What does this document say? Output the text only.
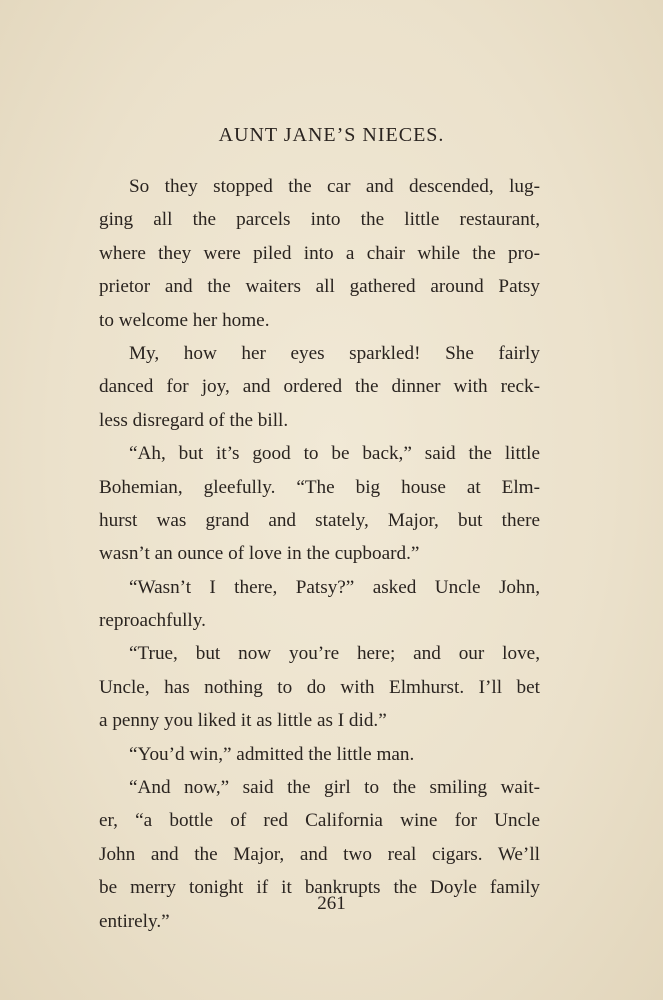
AUNT JANE’S NIECES.
So they stopped the car and descended, lug-
ging all the parcels into the little restaurant,
where they were piled into a chair while the pro-
prietor and the waiters all gathered around Patsy
to welcome her home.
My, how her eyes sparkled! She fairly
danced for joy, and ordered the dinner with reck-
less disregard of the bill.
“Ah, but it’s good to be back,” said the little
Bohemian, gleefully. “The big house at Elm-
hurst was grand and stately, Major, but there
wasn’t an ounce of love in the cupboard.”
“Wasn’t I there, Patsy?” asked Uncle John,
reproachfully.
“True, but now you’re here; and our love,
Uncle, has nothing to do with Elmhurst. I’ll bet
a penny you liked it as little as I did.”
“You’d win,” admitted the little man.
“And now,” said the girl to the smiling wait-
er, “a bottle of red California wine for Uncle
John and the Major, and two real cigars. We’ll
be merry tonight if it bankrupts the Doyle family
entirely.”
261
